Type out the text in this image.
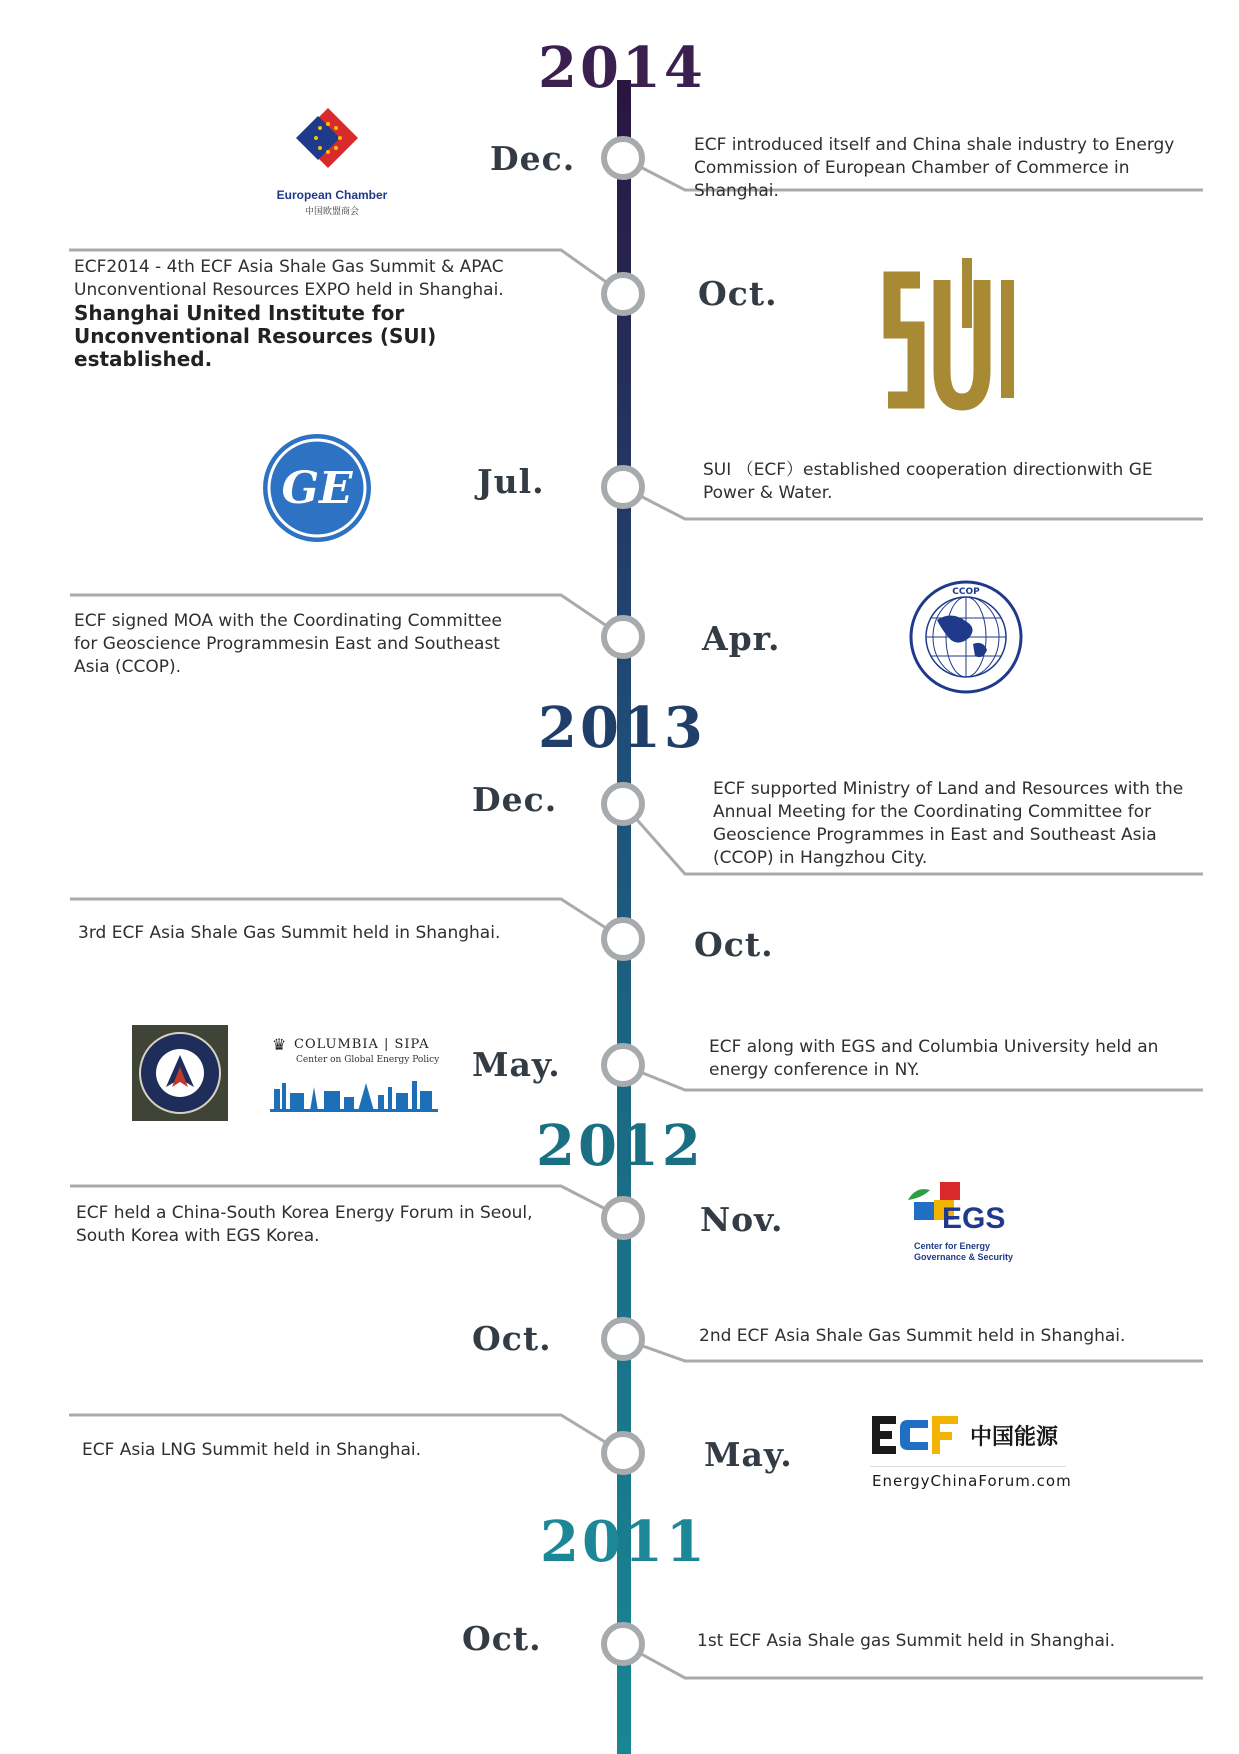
2014
2013
2012
2011
Dec.
Oct.
Jul.
Apr.
Dec.
Oct.
May.
Nov.
Oct.
May.
Oct.
ECF introduced itself and China shale industry to Energy Commission of European Chamber of Commerce in Shanghai.
ECF2014 - 4th ECF Asia Shale Gas Summit & APAC Unconventional Resources EXPO held in Shanghai.
Shanghai United Institute for Unconventional Resources (SUI) established.
SUI （ECF）established cooperation directionwith GE Power & Water.
ECF signed MOA with the Coordinating Committee for Geoscience Programmesin East and Southeast Asia (CCOP).
ECF supported Ministry of Land and Resources with the Annual Meeting for the Coordinating Committee for Geoscience Programmes in East and Southeast Asia (CCOP) in Hangzhou City.
3rd ECF Asia Shale Gas Summit held in Shanghai.
ECF along with EGS and Columbia University held an energy conference in NY.
ECF held a China-South Korea Energy Forum in Seoul, South Korea with EGS Korea.
2nd ECF Asia Shale Gas Summit held in Shanghai.
ECF Asia LNG Summit held in Shanghai.
1st ECF Asia Shale gas Summit held in Shanghai.
European Chamber
中国欧盟商会
GE
CCOP
COLUMBIA | SIPA
♛
Center on Global Energy Policy
EGS
Center for Energy
Governance & Security
中国能源
EnergyChinaForum.com
